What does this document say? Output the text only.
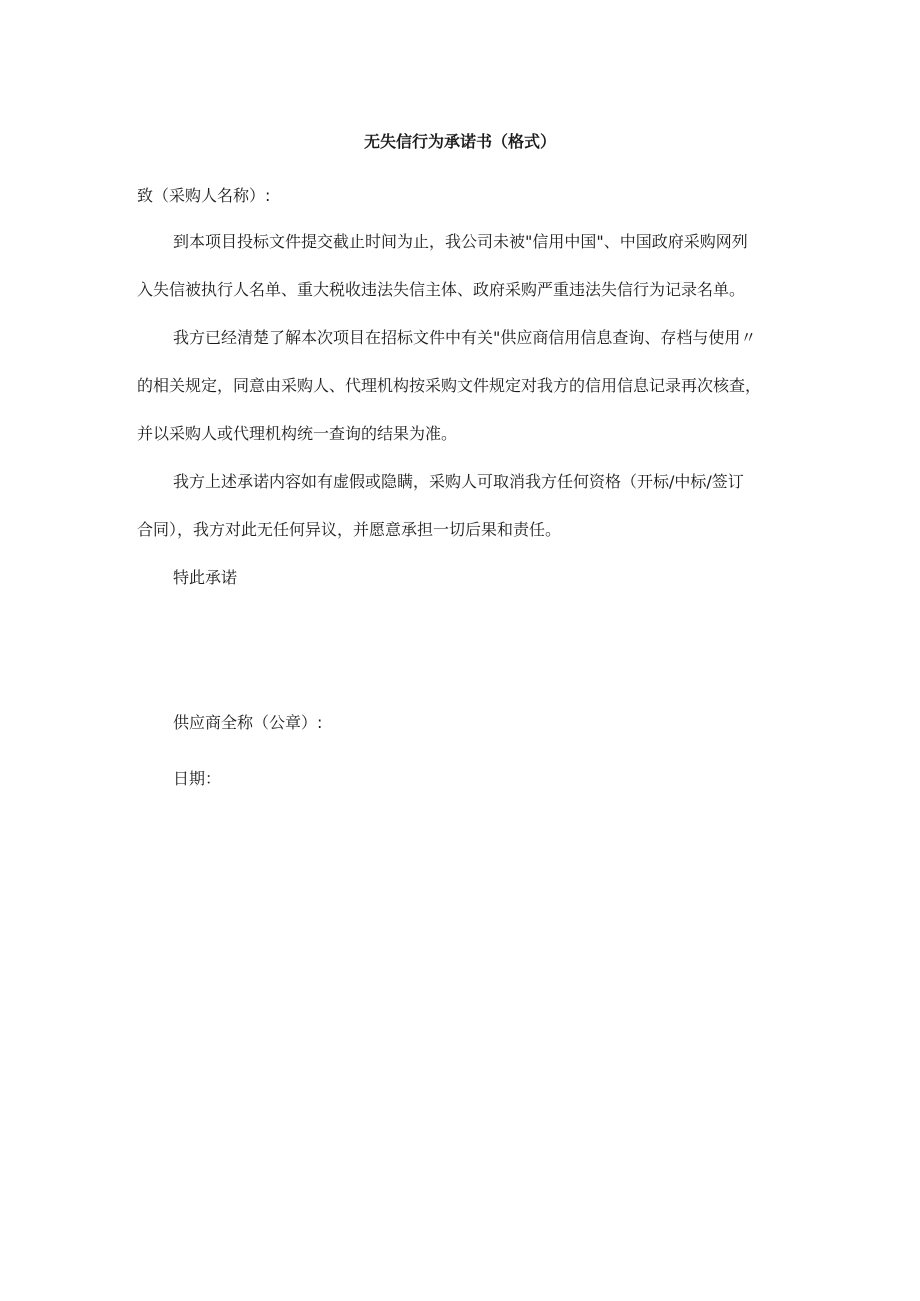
无失信行为承诺书（格式）
致（采购人名称）:
到本项目投标文件提交截止时间为止，我公司未被"信用中国"、中国政府采购网列
入失信被执行人名单、重大税收违法失信主体、政府采购严重违法失信行为记录名单。
我方已经清楚了解本次项目在招标文件中有关"供应商信用信息查询、存档与使用〃
的相关规定，同意由采购人、代理机构按采购文件规定对我方的信用信息记录再次核查，
并以采购人或代理机构统一查询的结果为准。
我方上述承诺内容如有虚假或隐瞒，采购人可取消我方任何资格（开标/中标/签订
合同），我方对此无任何异议，并愿意承担一切后果和责任。
特此承诺
供应商全称（公章）:
日期：
